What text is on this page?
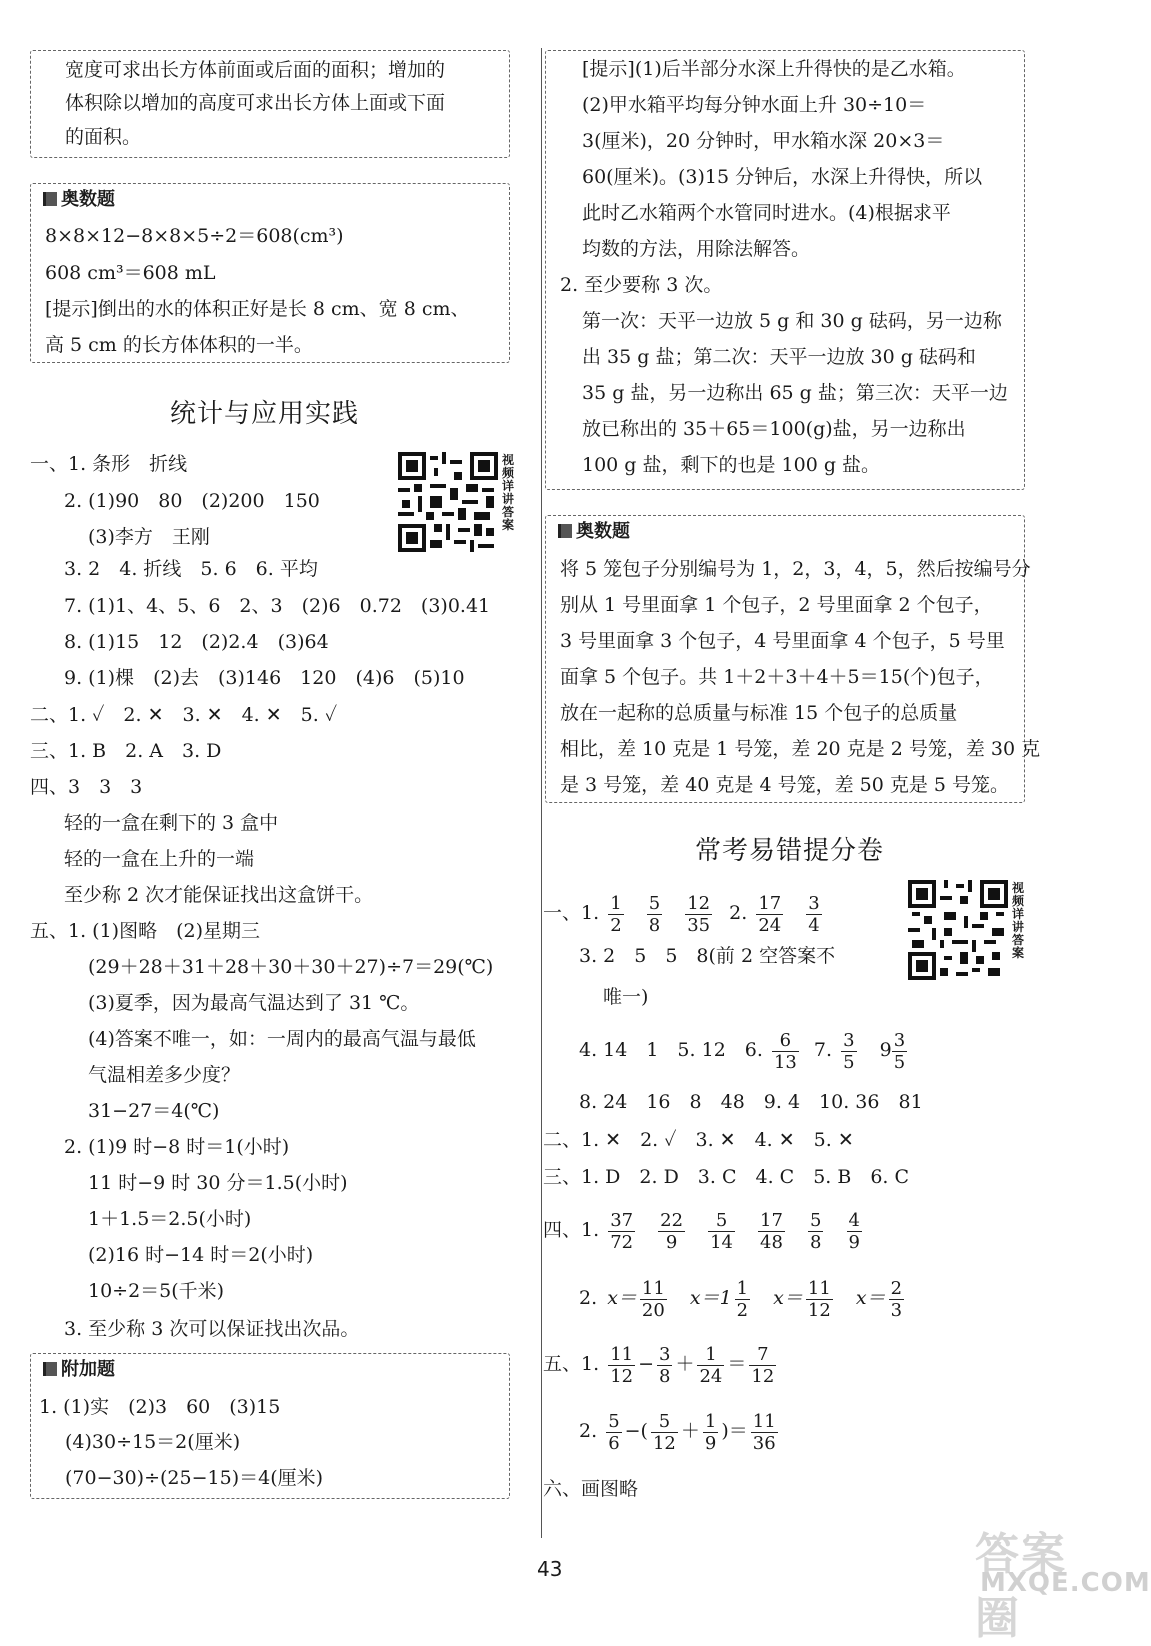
宽度可求出长方体前面或后面的面积；增加的
体积除以增加的高度可求出长方体上面或下面
的面积。
奥数题
8×8×12−8×8×5÷2＝608(cm³)
608 cm³＝608 mL
[提示]倒出的水的体积正好是长 8 cm、宽 8 cm、
高 5 cm 的长方体体积的一半。
统计与应用实践
视频详讲答案
一、1. 条形　折线
2. (1)90　80　(2)200　150
(3)李方　王刚
3. 2　4. 折线　5. 6　6. 平均
7. (1)1、4、5、6　2、3　(2)6　0.72　(3)0.41
8. (1)15　12　(2)2.4　(3)64
9. (1)棵　(2)去　(3)146　120　(4)6　(5)10
二、1. ✓　2. ✕　3. ✕　4. ✕　5. ✓
三、1. B　2. A　3. D
四、3　3　3
轻的一盒在剩下的 3 盒中
轻的一盒在上升的一端
至少称 2 次才能保证找出这盒饼干。
五、1. (1)图略　(2)星期三
(29＋28＋31＋28＋30＋30＋27)÷7＝29(℃)
(3)夏季，因为最高气温达到了 31 ℃。
(4)答案不唯一，如：一周内的最高气温与最低
气温相差多少度？
31−27＝4(℃)
2. (1)9 时−8 时＝1(小时)
11 时−9 时 30 分＝1.5(小时)
1＋1.5＝2.5(小时)
(2)16 时−14 时＝2(小时)
10÷2＝5(千米)
3. 至少称 3 次可以保证找出次品。
附加题
1. (1)实　(2)3　60　(3)15
(4)30÷15＝2(厘米)
(70−30)÷(25−15)＝4(厘米)
[提示](1)后半部分水深上升得快的是乙水箱。
(2)甲水箱平均每分钟水面上升 30÷10＝
3(厘米)，20 分钟时，甲水箱水深 20×3＝
60(厘米)。(3)15 分钟后，水深上升得快，所以
此时乙水箱两个水管同时进水。(4)根据求平
均数的方法，用除法解答。
2. 至少要称 3 次。
第一次：天平一边放 5 g 和 30 g 砝码，另一边称
出 35 g 盐；第二次：天平一边放 30 g 砝码和
35 g 盐，另一边称出 65 g 盐；第三次：天平一边
放已称出的 35＋65＝100(g)盐，另一边称出
100 g 盐，剩下的也是 100 g 盐。
奥数题
将 5 笼包子分别编号为 1，2，3，4，5，然后按编号分
别从 1 号里面拿 1 个包子，2 号里面拿 2 个包子，
3 号里面拿 3 个包子，4 号里面拿 4 个包子，5 号里
面拿 5 个包子。共 1＋2＋3＋4＋5＝15(个)包子，
放在一起称的总质量与标准 15 个包子的总质量
相比，差 10 克是 1 号笼，差 20 克是 2 号笼，差 30 克
是 3 号笼，差 40 克是 4 号笼，差 50 克是 5 号笼。
常考易错提分卷
视频详讲答案
一、1. $\frac{1}{2}$
$\frac{5}{8}$
$\frac{12}{35} 2$. $\frac{17}{24}$
$\frac{3}{4}$
3. 2　5　5　8(前 2 空答案不
唯一)
4. 14　1　5. 12　6. $\frac{6}{13} 7$. $\frac{3}{5} 9 \frac{3}{5}$
8. 24　16　8　48　9. 4　10. 36　81
二、1. ✕　2. ✓　3. ✕　4. ✕　5. ✕
三、1. D　2. D　3. C　4. C　5. B　6. C
四、1. $\frac{37}{72}$
$\frac{22}{9}$
$\frac{5}{14}$
$\frac{17}{48}$
$\frac{5}{8}$
$\frac{4}{9}$
2. $x= \frac{11}{20} x=1 \frac{1}{2} x= \frac{11}{12} x= \frac{2}{3}$
五、1. $\frac{11}{12} - \frac{3}{8} + \frac{1}{24} = \frac{7}{12}$
2. $\frac{5}{6}$ −( $\frac{5}{12} + \frac{1}{9}$ )＝ $\frac{11}{36}$
六、画图略
43	答案圈
MXQE.COM
